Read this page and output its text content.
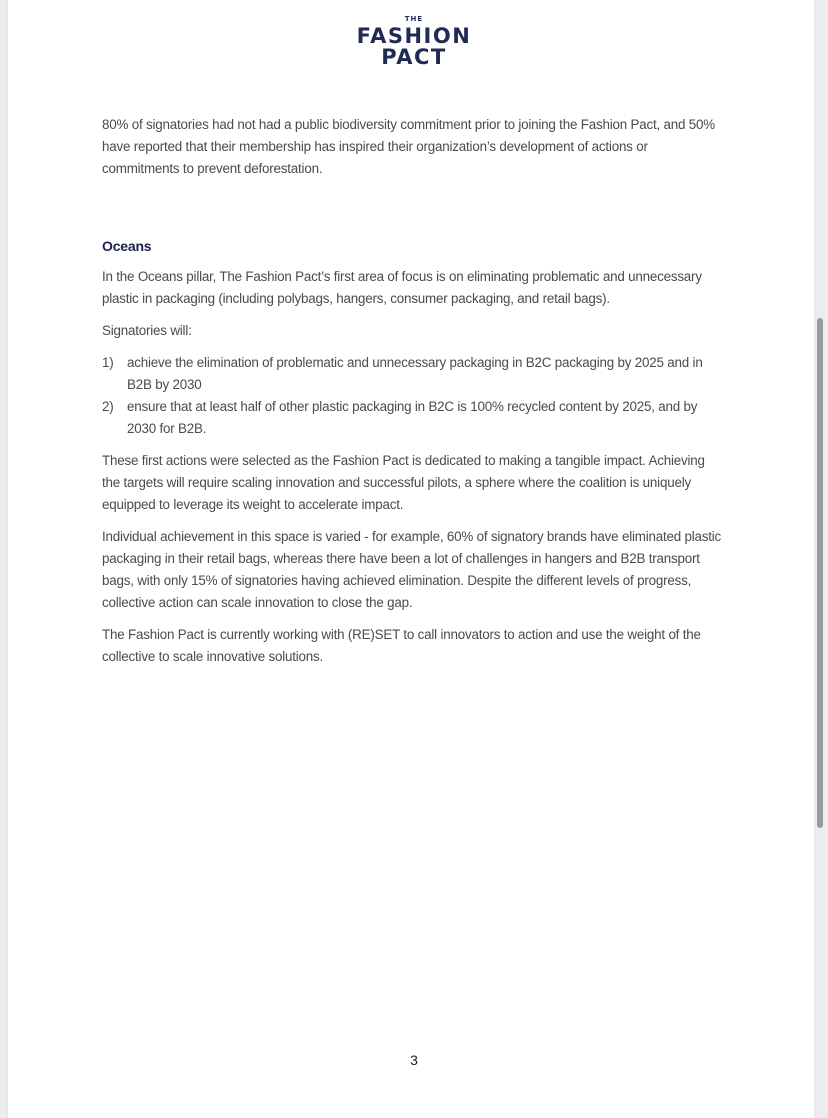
THE
FASHION
PACT

80% of signatories had not had a public biodiversity commitment prior to joining the Fashion Pact, and 50% have reported that their membership has inspired their organization’s development of actions or commitments to prevent deforestation.

Oceans

In the Oceans pillar, The Fashion Pact’s first area of focus is on eliminating problematic and unnecessary plastic in packaging (including polybags, hangers, consumer packaging, and retail bags).

Signatories will:

1) achieve the elimination of problematic and unnecessary packaging in B2C packaging by 2025 and in B2B by 2030
2) ensure that at least half of other plastic packaging in B2C is 100% recycled content by 2025, and by 2030 for B2B.

These first actions were selected as the Fashion Pact is dedicated to making a tangible impact. Achieving the targets will require scaling innovation and successful pilots, a sphere where the coalition is uniquely equipped to leverage its weight to accelerate impact.

Individual achievement in this space is varied - for example, 60% of signatory brands have eliminated plastic packaging in their retail bags, whereas there have been a lot of challenges in hangers and B2B transport bags, with only 15% of signatories having achieved elimination. Despite the different levels of progress, collective action can scale innovation to close the gap.

The Fashion Pact is currently working with (RE)SET to call innovators to action and use the weight of the collective to scale innovative solutions.

3
